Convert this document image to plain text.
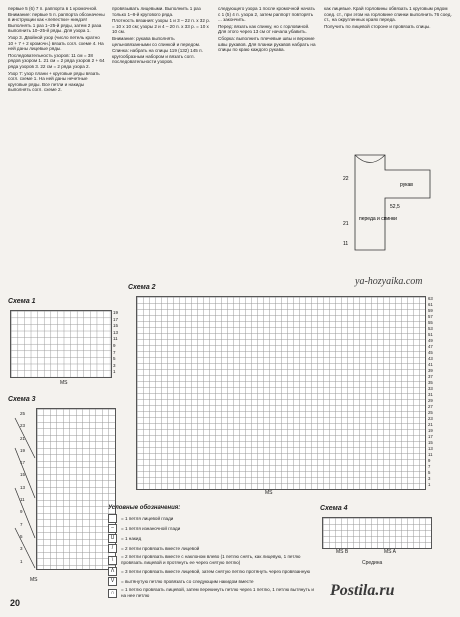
первые 5 (6) 7 п. раппорта в 1 кромочной. Внимание: первые 5 п. раппорта обозначены в инструкции как «лепестки» ниндзя! Выполнять 1 раз 1–25-й ряды, затем 2 раза выполнить 10–25-й ряды. Для узора 1.

Узор 3. Двойной узор (число петель кратно 10 + 7 + 2 кромочн.) вязать согл. схеме 4. На ней даны лицевые ряды.

Последовательность узоров: 11 см = 38 рядов узором 1. 21 см = 2 ряда узоров 2 + 64 ряда узоров 3. 22 см = 2 ряда узора 2.

Узор 7: узор плани + круговые ряды вязать согл. схеме 1. На ней даны нечетные круговые ряды. Все петли и накиды выполнять согл. схеме 2.

провязывать лицевыми. Выполнить 1 раз только 1–8-й кругового ряда.

Плотность вязания: узоры 1 и 3 – 22 п. х 32 р. = 10 х 10 см; узоры 2 и 4 – 20 п. х 33 р. = 10 х 10 см.

Внимание: рукава выполнять цельновязанными со спинкой и передом.

Спинка: набрать на спицы 119 (132) 145 п. кругообразным набором и вязать согл. последовательности узоров.

следующего узора 1 после кромочной начать с 1 (5) 4 п. узора 2, затем раппорт повторять ... закончить.

Перед: вязать как спинку, но с горловиной. Для этого через 13 см от начала убавить.

Сборка: выполнить плечевые швы и верхние швы рукавов. Для планки рукавов набрать на спицы по краю каждого рукава.

как лицевые. Край горловины обвязать 1 круговым рядом соед. ст., при этом на горловине спинки выполнить 76 соед. ст., на округленных краях переда.

Получить по лицевой стороне и провязать спицы.

переда и спинки
рукав
22
52,5
21
11
Схема 1
19
17
15
13
11
9
7
5
3
1
MS
Схема 3
25
23
21
19
17
15
13
11
9
7
5
3
1
MS
Схема 2
63
61
59
57
55
53
51
49
47
45
43
41
39
37
35
33
31
29
27
25
23
21
19
17
15
13
11
9
7
5
3
1
MS
ya-hozyaika.com
Условные обозначения:
= 1 петля лицевой глади
–	= 1 петля изнаночной глади
U	= 1 накид
/	= 2 петли провязать вместе лицевой
\	= 2 петли провязать вместе с наклоном влево (1 петлю снять, как лицевую, 1 петлю провязать лицевой и протянуть ее через снятую петлю)
Λ	= 3 петли провязать вместе лицевой, затем снятую петлю протянуть через провязанную
V	= вытянутую петлю провязать со следующим накидом вместе
∩	= 1 петлю провязать лицевой, затем перекинуть петлю через 1 петлю, 1 петлю вытянуть и на нее петлю
Схема 4
MS B	MS A
Средина
Postila.ru
20
